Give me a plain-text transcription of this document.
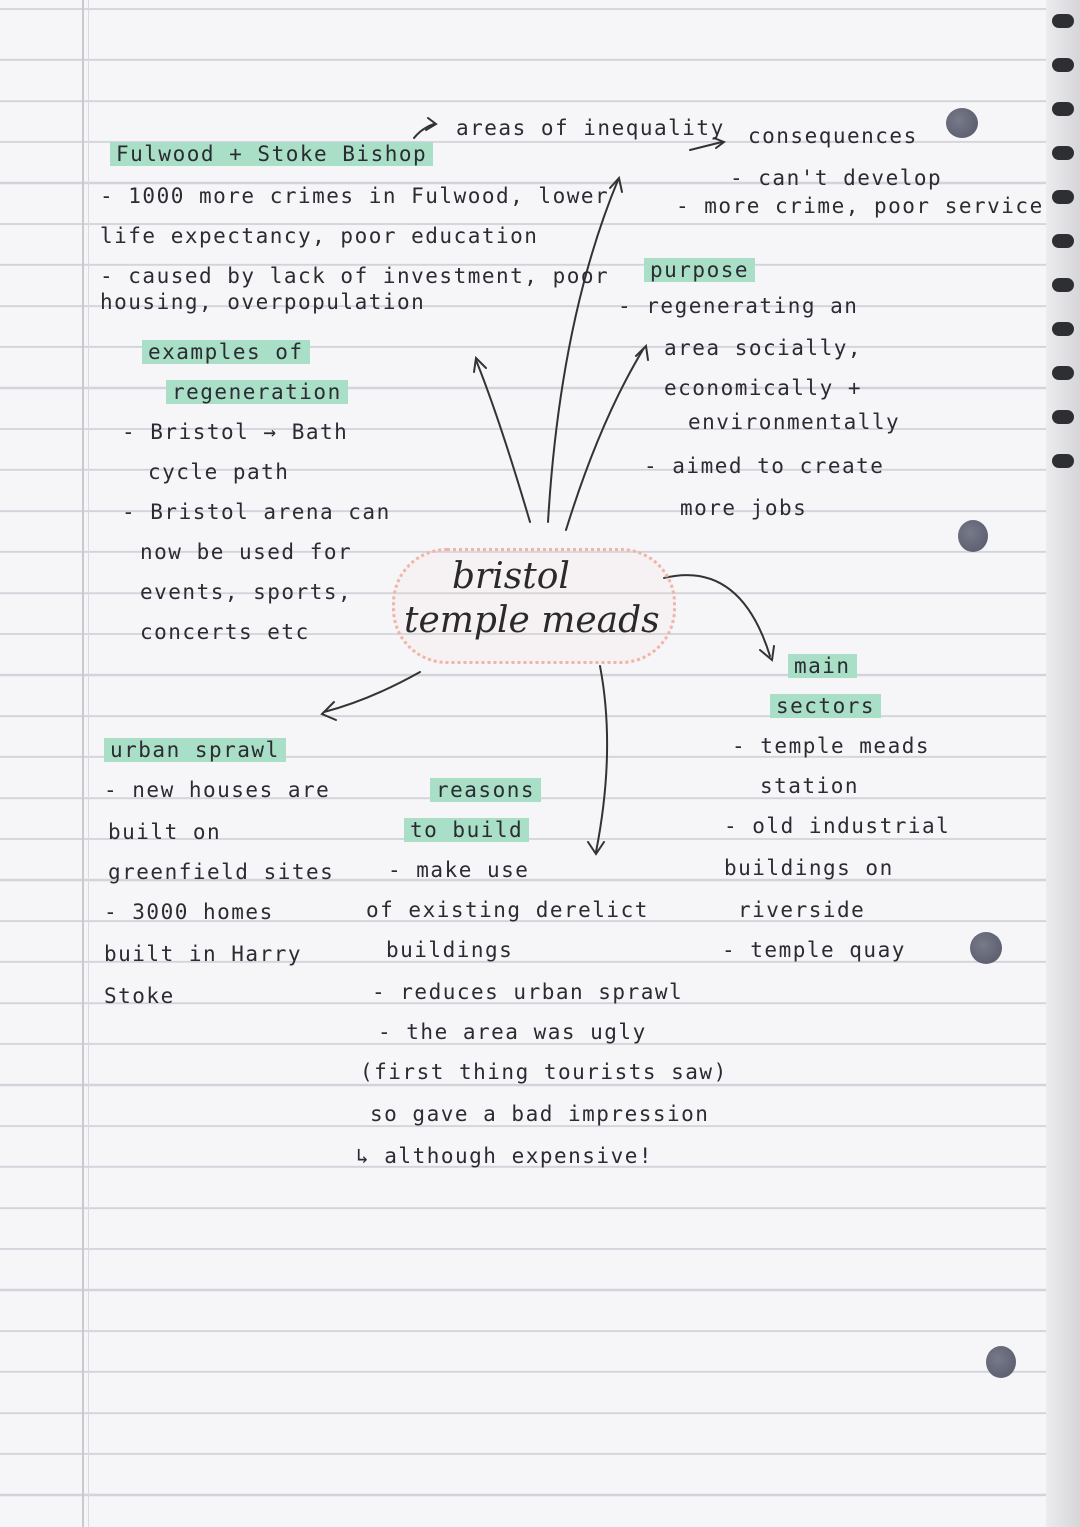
areas of inequality
Fulwood + Stoke Bishop
- 1000 more crimes in Fulwood, lower
life expectancy, poor education
- caused by lack of investment, poor
housing, overpopulation
consequences
- can't develop
- more crime, poor service
purpose
- regenerating an
area socially,
economically +
environmentally
- aimed to create
more jobs
examples of
regeneration
- Bristol → Bath
cycle path
- Bristol arena can
now be used for
events, sports,
concerts etc
bristol
temple meads
main
sectors
- temple meads
station
- old industrial
buildings on
riverside
- temple quay
urban sprawl
- new houses are
built on
greenfield sites
- 3000 homes
built in Harry
Stoke
reasons
to build
- make use
of existing derelict
buildings
- reduces urban sprawl
- the area was ugly
(first thing tourists saw)
so gave a bad impression
↳ although expensive!
